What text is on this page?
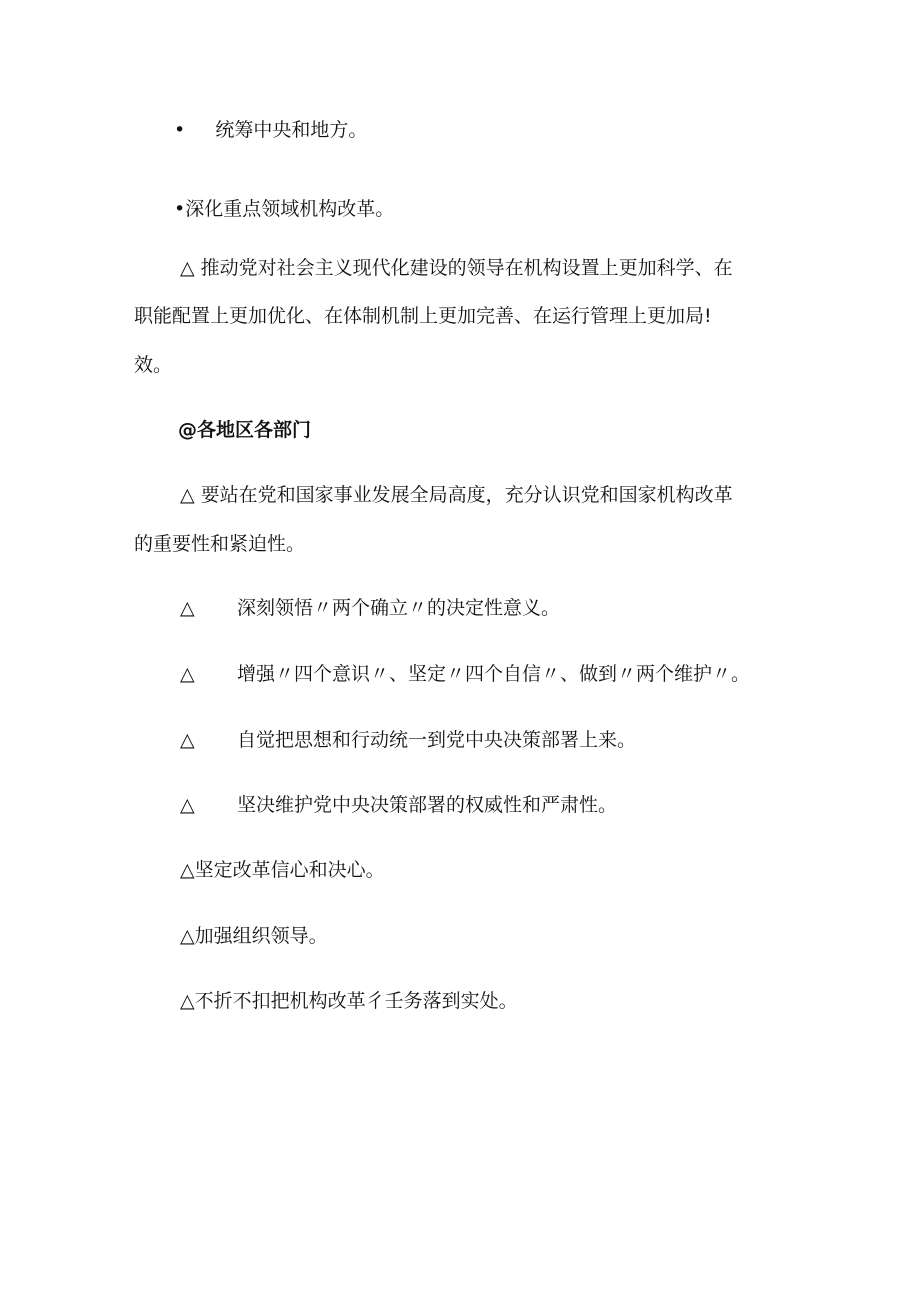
• 统筹中央和地方。
•深化重点领域机构改革。
△ 推动党对社会主义现代化建设的领导在机构设置上更加科学、在
职能配置上更加优化、在体制机制上更加完善、在运行管理上更加局!
效。
@各地区各部门
△ 要站在党和国家事业发展全局高度，充分认识党和国家机构改革
的重要性和紧迫性。
△ 深刻领悟〃两个确立〃的决定性意义。
△ 增强〃四个意识〃、坚定〃四个自信〃、做到〃两个维护〃。
△ 自觉把思想和行动统一到党中央决策部署上来。
△ 坚决维护党中央决策部署的权威性和严肃性。
△坚定改革信心和决心。
△加强组织领导。
△不折不扣把机构改革彳壬务落到实处。
